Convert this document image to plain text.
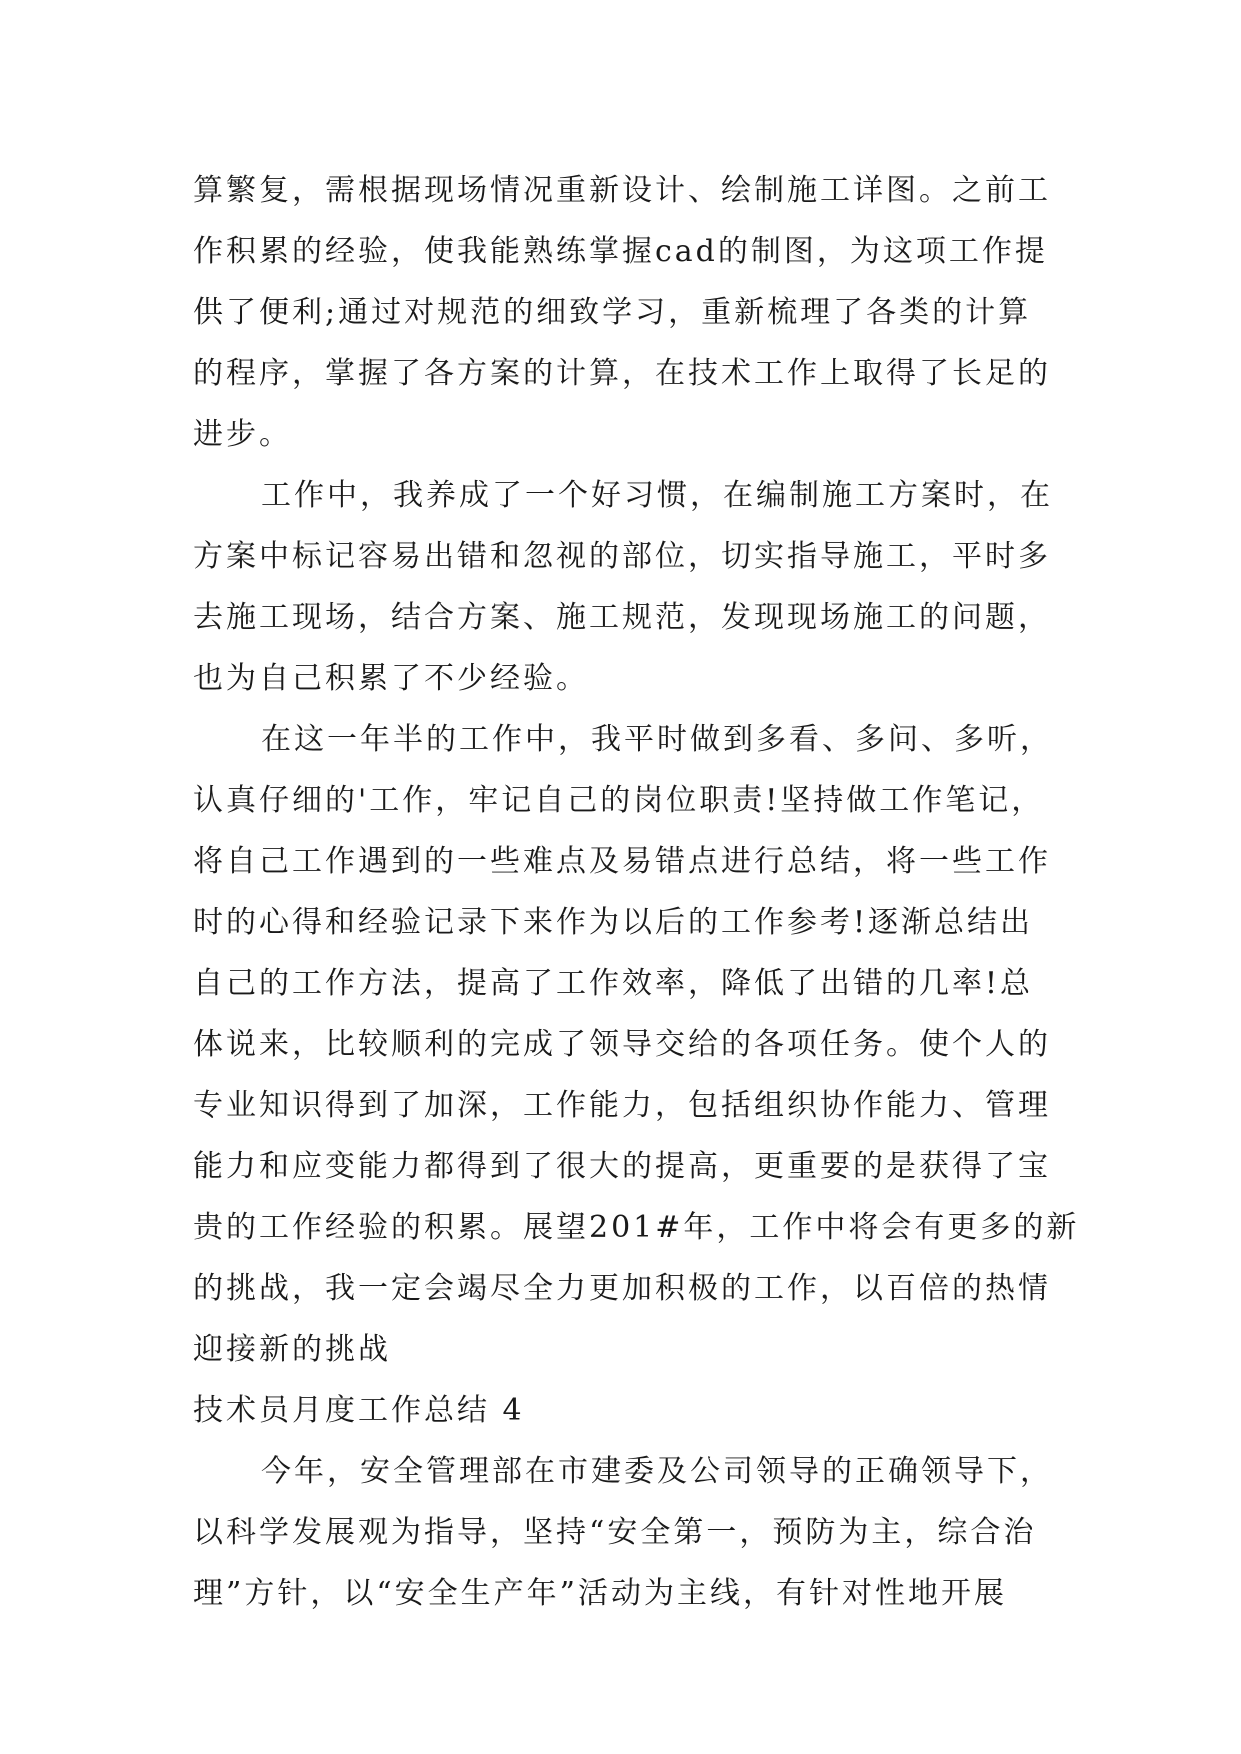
算繁复，需根据现场情况重新设计、绘制施工详图。之前工
作积累的经验，使我能熟练掌握cad的制图，为这项工作提
供了便利;通过对规范的细致学习，重新梳理了各类的计算
的程序，掌握了各方案的计算，在技术工作上取得了长足的
进步。
工作中，我养成了一个好习惯，在编制施工方案时，在
方案中标记容易出错和忽视的部位，切实指导施工，平时多
去施工现场，结合方案、施工规范，发现现场施工的问题，
也为自己积累了不少经验。
在这一年半的工作中，我平时做到多看、多问、多听，
认真仔细的'工作，牢记自己的岗位职责!坚持做工作笔记，
将自己工作遇到的一些难点及易错点进行总结，将一些工作
时的心得和经验记录下来作为以后的工作参考!逐渐总结出
自己的工作方法，提高了工作效率，降低了出错的几率!总
体说来，比较顺利的完成了领导交给的各项任务。使个人的
专业知识得到了加深，工作能力，包括组织协作能力、管理
能力和应变能力都得到了很大的提高，更重要的是获得了宝
贵的工作经验的积累。展望201#年，工作中将会有更多的新
的挑战，我一定会竭尽全力更加积极的工作，以百倍的热情
迎接新的挑战
技术员月度工作总结 4
今年，安全管理部在市建委及公司领导的正确领导下，
以科学发展观为指导，坚持“安全第一，预防为主，综合治
理”方针，以“安全生产年”活动为主线，有针对性地开展
